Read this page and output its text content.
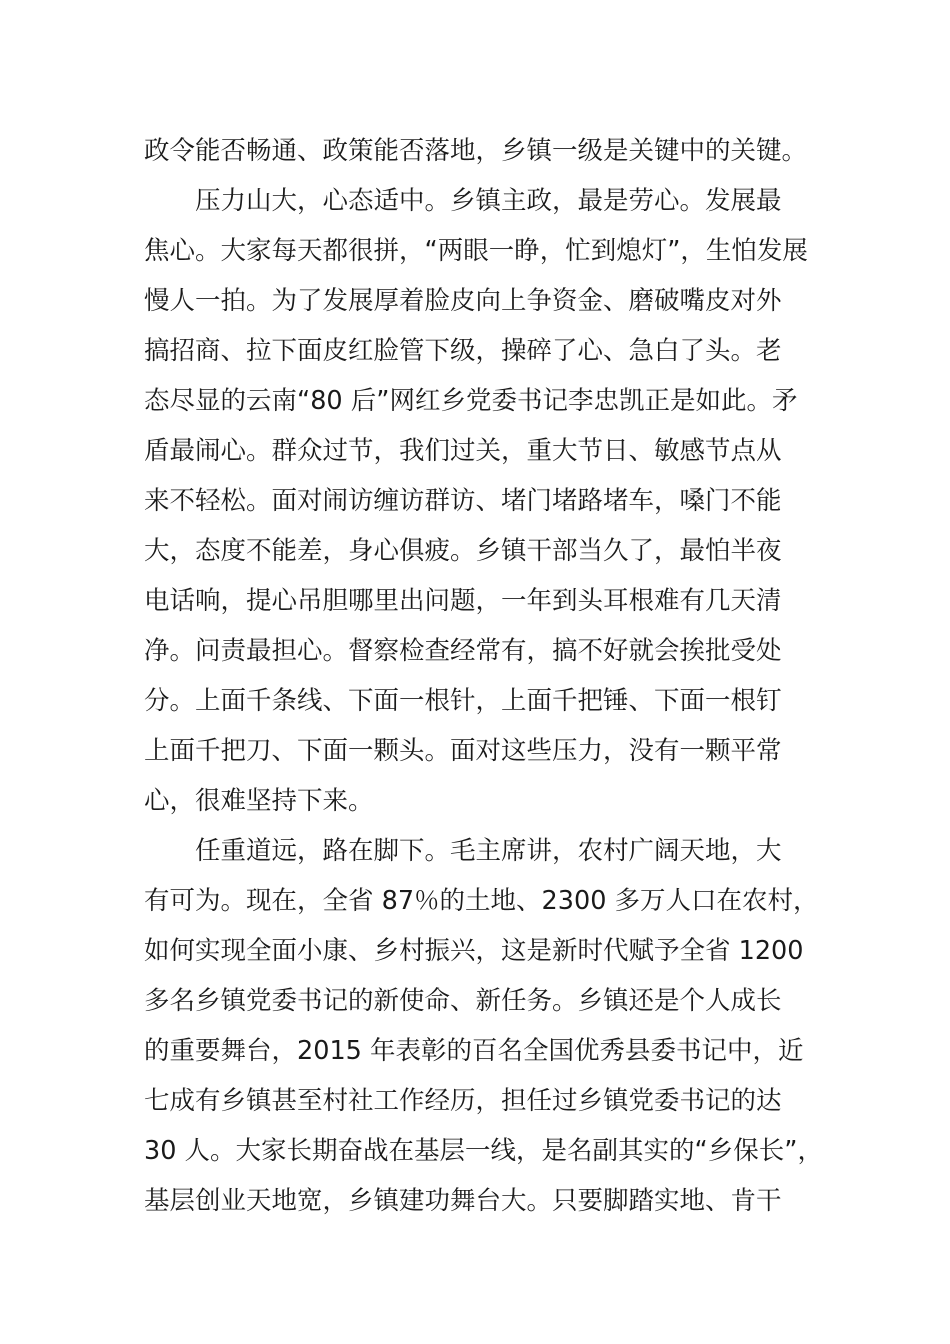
政令能否畅通、政策能否落地，乡镇一级是关键中的关键。
压力山大，心态适中。乡镇主政，最是劳心。发展最
焦心。大家每天都很拼，“两眼一睁，忙到熄灯”，生怕发展
慢人一拍。为了发展厚着脸皮向上争资金、磨破嘴皮对外
搞招商、拉下面皮红脸管下级，操碎了心、急白了头。老
态尽显的云南“80 后”网红乡党委书记李忠凯正是如此。矛
盾最闹心。群众过节，我们过关，重大节日、敏感节点从
来不轻松。面对闹访缠访群访、堵门堵路堵车，嗓门不能
大，态度不能差，身心俱疲。乡镇干部当久了，最怕半夜
电话响，提心吊胆哪里出问题，一年到头耳根难有几天清
净。问责最担心。督察检查经常有，搞不好就会挨批受处
分。上面千条线、下面一根针，上面千把锤、下面一根钉
上面千把刀、下面一颗头。面对这些压力，没有一颗平常
心，很难坚持下来。
任重道远，路在脚下。毛主席讲，农村广阔天地，大
有可为。现在，全省 87％的土地、2300 多万人口在农村，
如何实现全面小康、乡村振兴，这是新时代赋予全省 1200
多名乡镇党委书记的新使命、新任务。乡镇还是个人成长
的重要舞台，2015 年表彰的百名全国优秀县委书记中，近
七成有乡镇甚至村社工作经历，担任过乡镇党委书记的达
30 人。大家长期奋战在基层一线，是名副其实的“乡保长”，
基层创业天地宽，乡镇建功舞台大。只要脚踏实地、肯干
